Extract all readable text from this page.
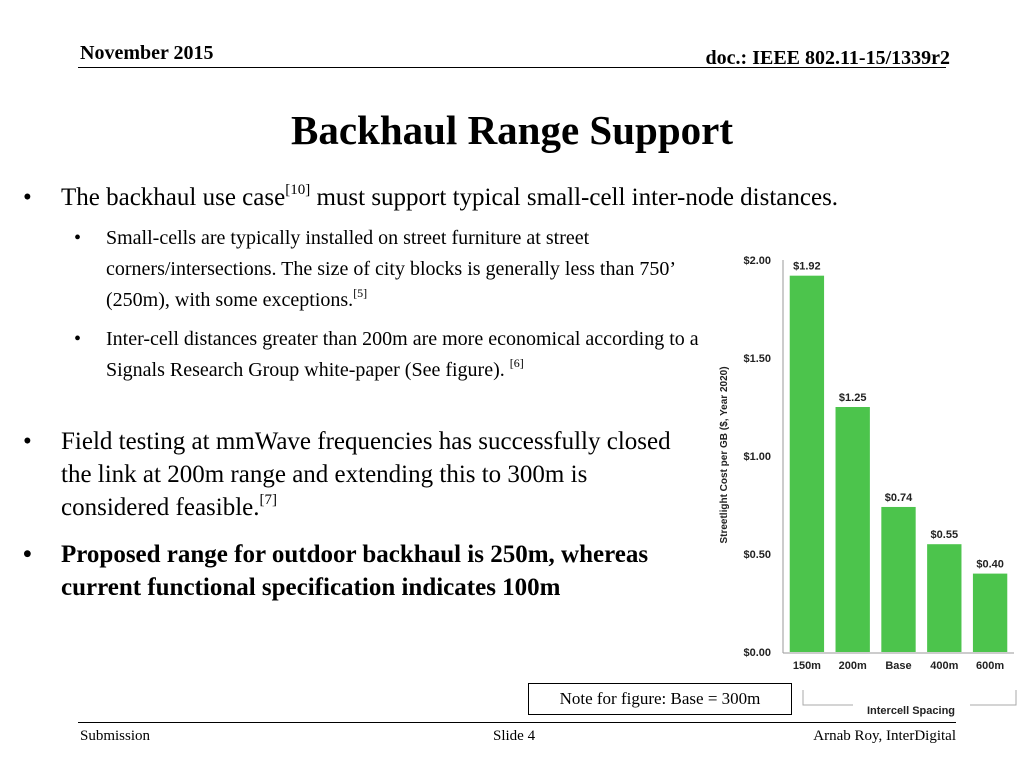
November 2015	doc.: IEEE 802.11-15/1339r2
Backhaul Range Support
• The backhaul use case[10] must support typical small-cell inter-node distances.
• Small-cells are typically installed on street furniture at street corners/intersections. The size of city blocks is generally less than 750’ (250m), with some exceptions.[5]
• Inter-cell distances greater than 200m are more economical according to a Signals Research Group white-paper (See figure). [6]
• Field testing at mmWave frequencies has successfully closed the link at 200m range and extending this to 300m is considered feasible.[7]
• Proposed range for outdoor backhaul is 250m, whereas current functional specification indicates 100m
$0.00
$0.50
$1.00
$1.50
$2.00 $1.92
150m
$1.25
200m
$0.74
Base
$0.55
400m
$0.40
600m
Streetlight Cost per GB ($, Year 2020)
Intercell Spacing
Note for figure: Base = 300m
Submission	Slide 4	Arnab Roy, InterDigital
